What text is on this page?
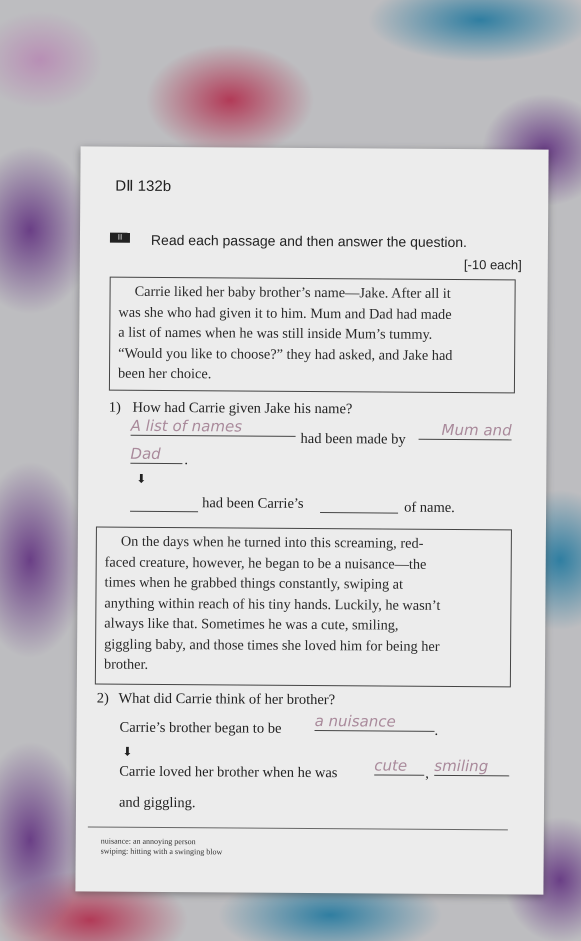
DⅡ 132b
II	Read each passage and then answer the question.
[-10 each]
Carrie liked her baby brother’s name—Jake. After all it
was she who had given it to him. Mum and Dad had made
a list of names when he was still inside Mum’s tummy.
“Would you like to choose?” they had asked, and Jake had
been her choice.
1) How had Carrie given Jake his name?
A list of names
had been made by	Mum and
Dad	.
⬇
had been Carrie’s	of name.
On the days when he turned into this screaming, red-
faced creature, however, he began to be a nuisance—the
times when he grabbed things constantly, swiping at
anything within reach of his tiny hands. Luckily, he wasn’t
always like that. Sometimes he was a cute, smiling,
giggling baby, and those times she loved him for being her
brother.
2) What did Carrie think of her brother?
Carrie’s brother began to be a nuisance
.
⬇
Carrie loved her brother when he was cute	, smiling
and giggling.
nuisance: an annoying person
swiping: hitting with a swinging blow
